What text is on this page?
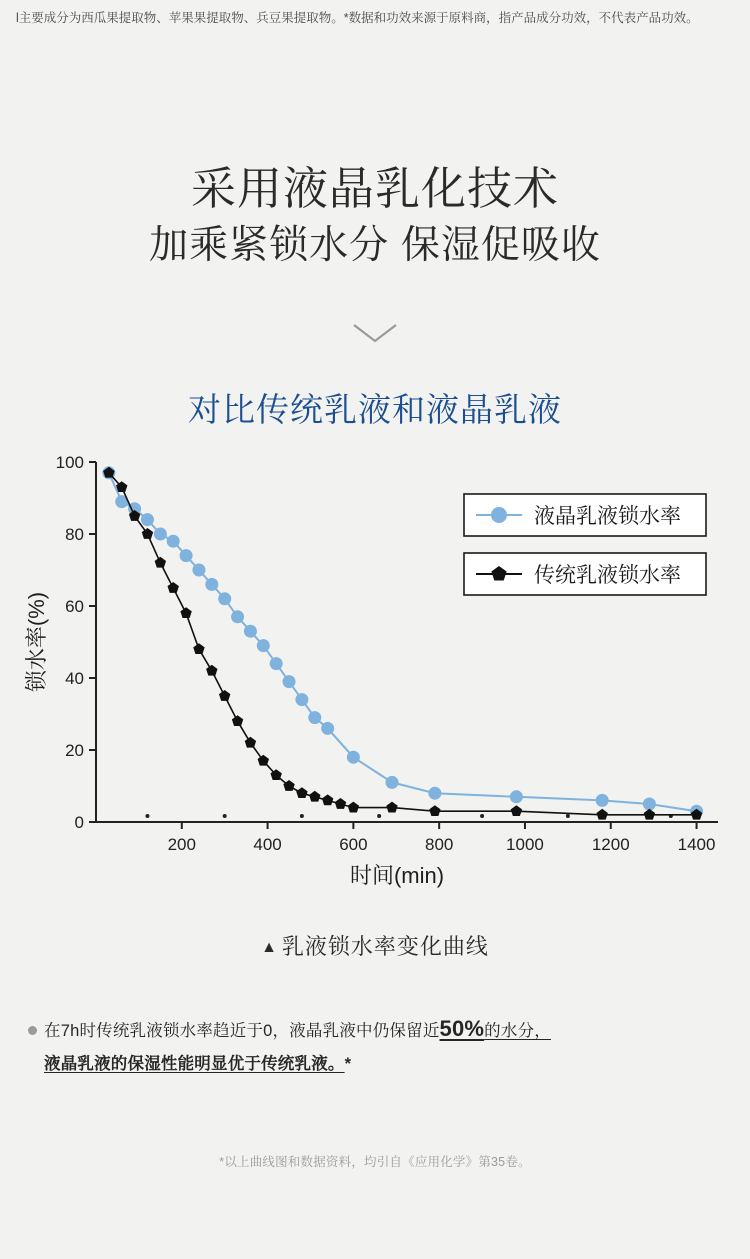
l主要成分为西瓜果提取物、苹果果提取物、兵豆果提取物。*数据和功效来源于原料商，指产品成分功效，不代表产品功效。
采用液晶乳化技术
加乘紧锁水分 保湿促吸收
对比传统乳液和液晶乳液
0
20
40
60
80
100
200	400	600	800	1000	1200	1400
时间(min)
锁水率(%)
液晶乳液锁水率
传统乳液锁水率
▲ 乳液锁水率变化曲线
在7h时传统乳液锁水率趋近于0，液晶乳液中仍保留近50%的水分，
液晶乳液的保湿性能明显优于传统乳液。*
*以上曲线图和数据资料，均引自《应用化学》第35卷。
